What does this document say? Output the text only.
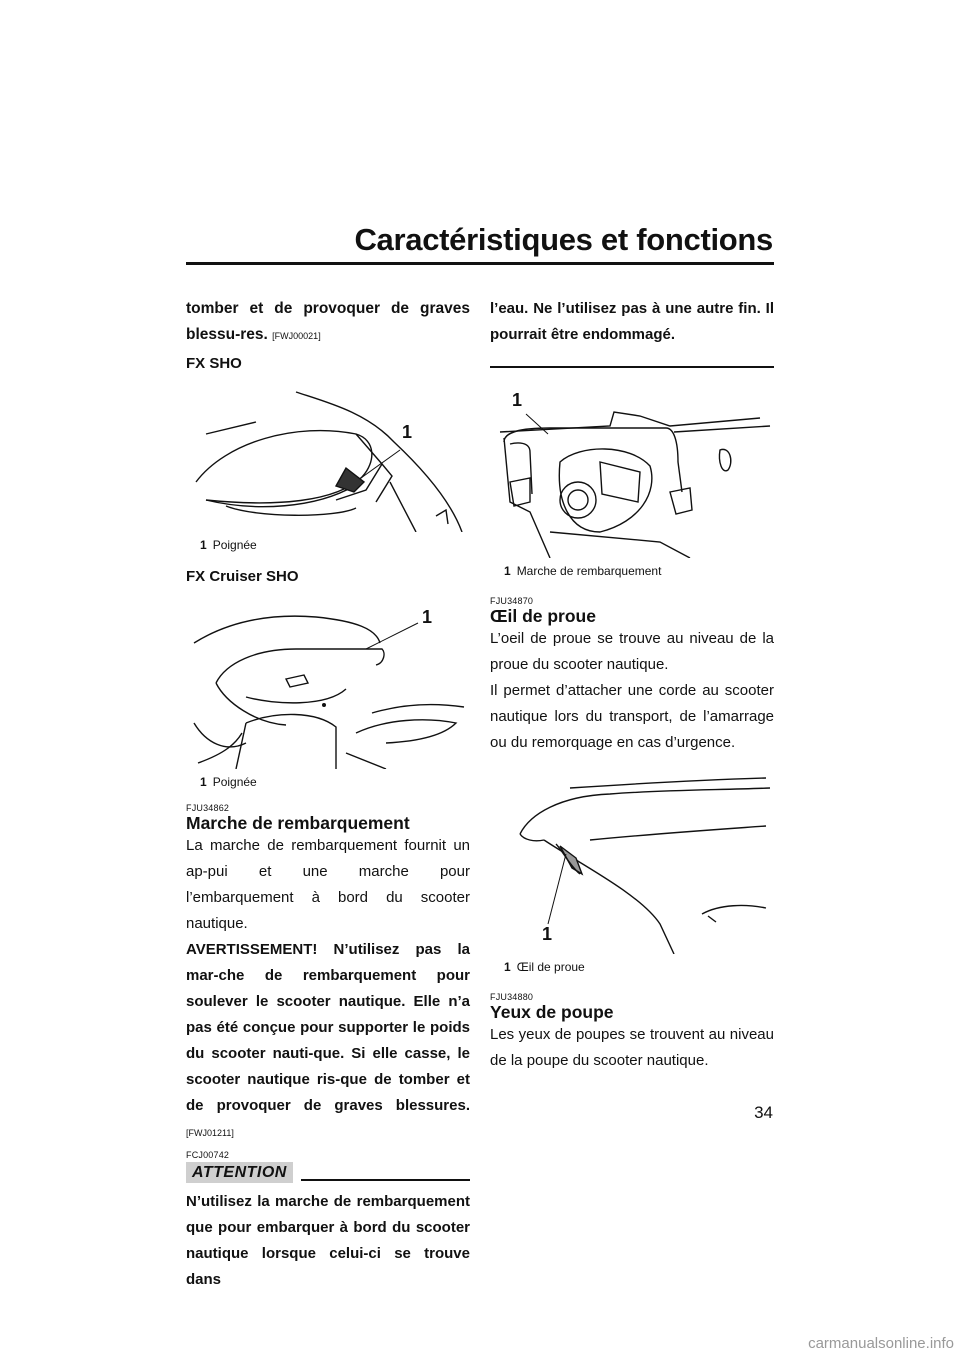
Caractéristiques et fonctions
tomber et de provoquer de graves blessu-res. [FWJ00021]
FX SHO
1
1 Poignée
FX Cruiser SHO
1
1 Poignée
FJU34862
Marche de rembarquement
La marche de rembarquement fournit un ap-pui et une marche pour l’embarquement à bord du scooter nautique.
AVERTISSEMENT! N’utilisez pas la mar-che de rembarquement pour soulever le scooter nautique. Elle n’a pas été conçue pour supporter le poids du scooter nauti-que. Si elle casse, le scooter nautique ris-que de tomber et de provoquer de graves blessures. [FWJ01211]
FCJ00742
ATTENTION
N’utilisez la marche de rembarquement que pour embarquer à bord du scooter nautique lorsque celui-ci se trouve dans
l’eau. Ne l’utilisez pas à une autre fin. Il pourrait être endommagé.
1
1 Marche de rembarquement
FJU34870
Œil de proue
L’oeil de proue se trouve au niveau de la proue du scooter nautique.
Il permet d’attacher une corde au scooter nautique lors du transport, de l’amarrage ou du remorquage en cas d’urgence.
1
1 Œil de proue
FJU34880
Yeux de poupe
Les yeux de poupes se trouvent au niveau de la poupe du scooter nautique.
34
carmanualsonline.info
